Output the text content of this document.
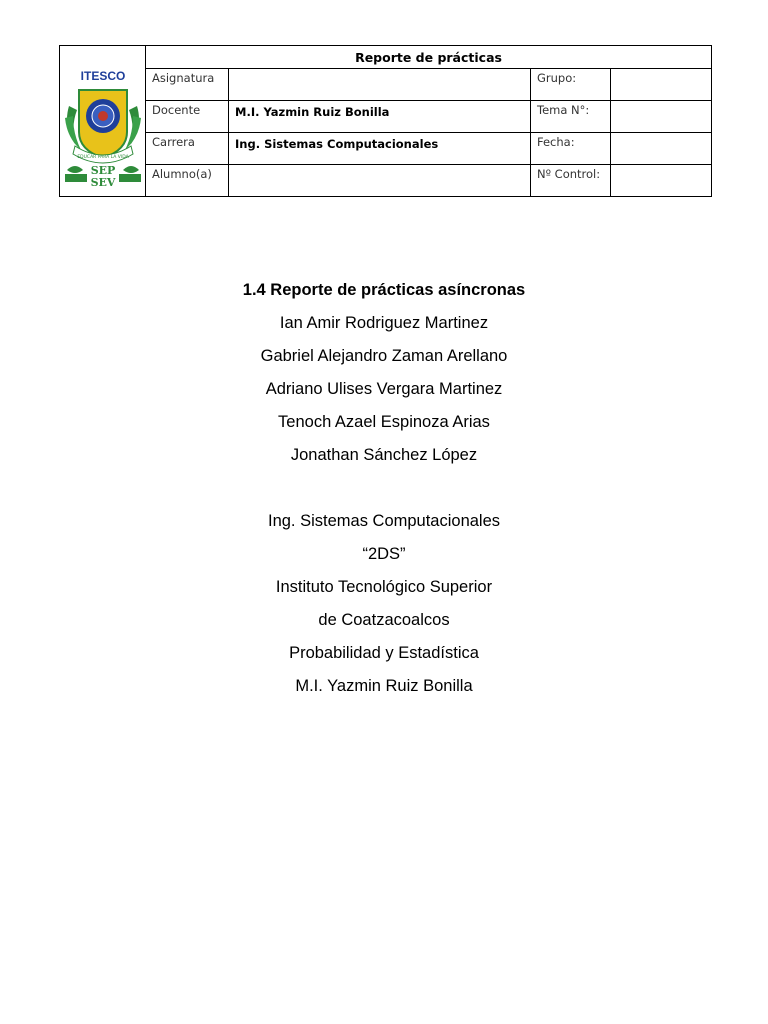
ITESCO
EDUCAR PARA LA VIDA
SEP
SEV	Reporte de prácticas			
	Asignatura		Grupo:	
	Docente	M.I. Yazmin Ruiz Bonilla	Tema N°:	
	Carrera	Ing. Sistemas Computacionales	Fecha:	
	Alumno(a)		Nº Control:	
1.4 Reporte de prácticas asíncronas
Ian Amir Rodriguez Martinez
Gabriel Alejandro Zaman Arellano
Adriano Ulises Vergara Martinez
Tenoch Azael Espinoza Arias
Jonathan Sánchez López
Ing. Sistemas Computacionales
“2DS”
Instituto Tecnológico Superior
de Coatzacoalcos
Probabilidad y Estadística
M.I. Yazmin Ruiz Bonilla
